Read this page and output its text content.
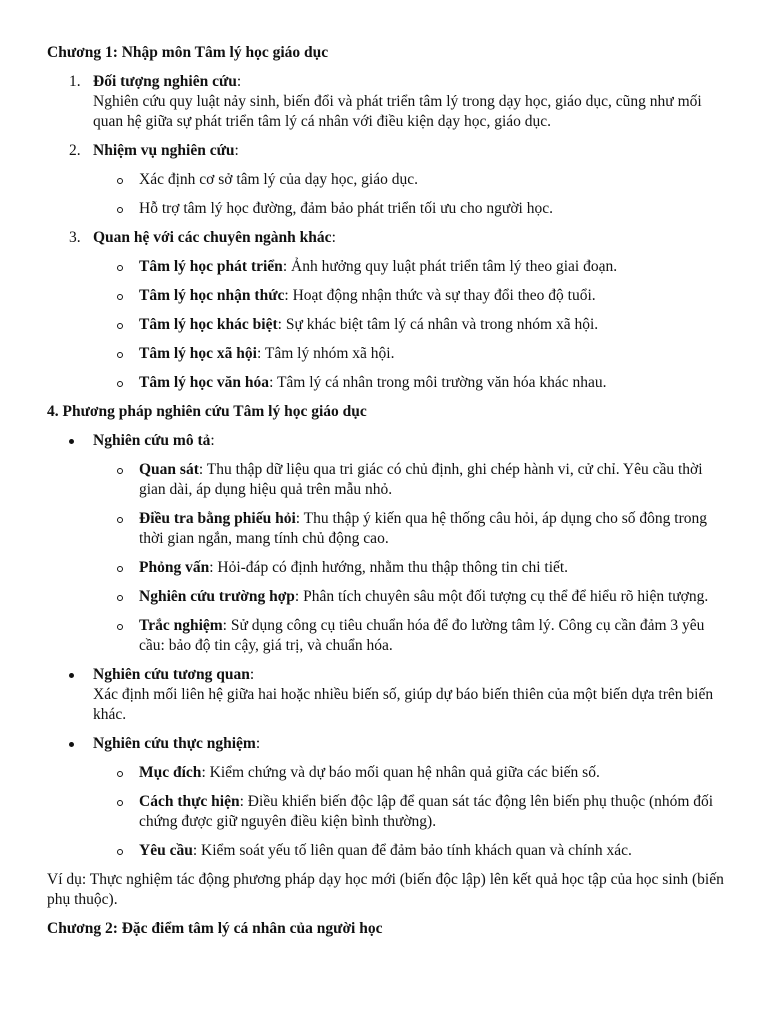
Chương 1: Nhập môn Tâm lý học giáo dục
1. Đối tượng nghiên cứu:
Nghiên cứu quy luật nảy sinh, biến đổi và phát triển tâm lý trong dạy học, giáo dục, cũng như mối quan hệ giữa sự phát triển tâm lý cá nhân với điều kiện dạy học, giáo dục.
2. Nhiệm vụ nghiên cứu:
Xác định cơ sở tâm lý của dạy học, giáo dục.
Hỗ trợ tâm lý học đường, đảm bảo phát triển tối ưu cho người học.
3. Quan hệ với các chuyên ngành khác:
Tâm lý học phát triển: Ảnh hưởng quy luật phát triển tâm lý theo giai đoạn.
Tâm lý học nhận thức: Hoạt động nhận thức và sự thay đổi theo độ tuổi.
Tâm lý học khác biệt: Sự khác biệt tâm lý cá nhân và trong nhóm xã hội.
Tâm lý học xã hội: Tâm lý nhóm xã hội.
Tâm lý học văn hóa: Tâm lý cá nhân trong môi trường văn hóa khác nhau.
4. Phương pháp nghiên cứu Tâm lý học giáo dục
Nghiên cứu mô tả:
Quan sát: Thu thập dữ liệu qua tri giác có chủ định, ghi chép hành vi, cử chỉ. Yêu cầu thời gian dài, áp dụng hiệu quả trên mẫu nhỏ.
Điều tra bằng phiếu hỏi: Thu thập ý kiến qua hệ thống câu hỏi, áp dụng cho số đông trong thời gian ngắn, mang tính chủ động cao.
Phỏng vấn: Hỏi-đáp có định hướng, nhằm thu thập thông tin chi tiết.
Nghiên cứu trường hợp: Phân tích chuyên sâu một đối tượng cụ thể để hiểu rõ hiện tượng.
Trắc nghiệm: Sử dụng công cụ tiêu chuẩn hóa để đo lường tâm lý. Công cụ cần đảm 3 yêu cầu: bảo độ tin cậy, giá trị, và chuẩn hóa.
Nghiên cứu tương quan:
Xác định mối liên hệ giữa hai hoặc nhiều biến số, giúp dự báo biến thiên của một biến dựa trên biến khác.
Nghiên cứu thực nghiệm:
Mục đích: Kiểm chứng và dự báo mối quan hệ nhân quả giữa các biến số.
Cách thực hiện: Điều khiển biến độc lập để quan sát tác động lên biến phụ thuộc (nhóm đối chứng được giữ nguyên điều kiện bình thường).
Yêu cầu: Kiểm soát yếu tố liên quan để đảm bảo tính khách quan và chính xác.
Ví dụ: Thực nghiệm tác động phương pháp dạy học mới (biến độc lập) lên kết quả học tập của học sinh (biến phụ thuộc).
Chương 2: Đặc điểm tâm lý cá nhân của người học
